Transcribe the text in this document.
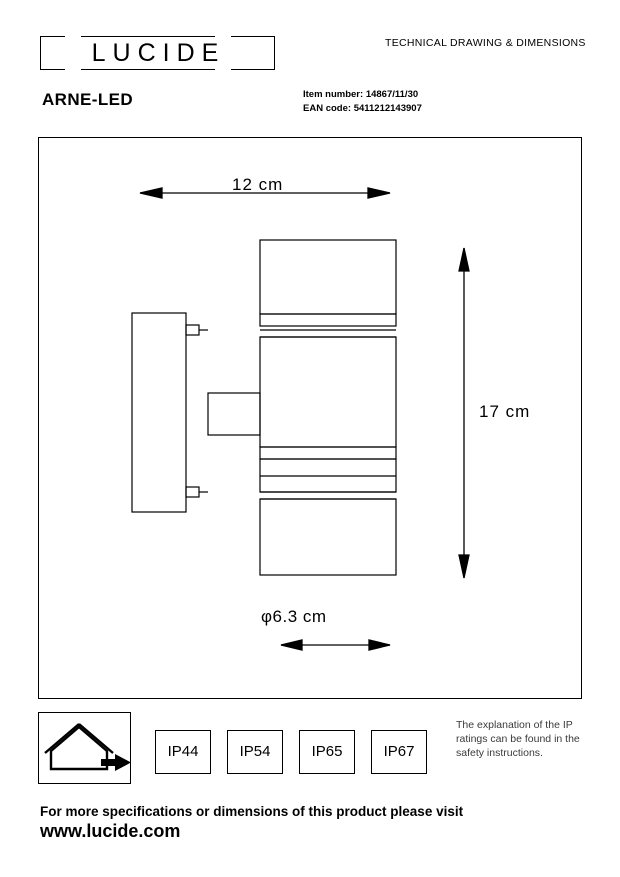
LUCIDE	TECHNICAL DRAWING & DIMENSIONS
ARNE-LED	Item number: 14867/11/30
EAN code: 5411212143907
12 cm
17 cm
φ6.3 cm
IP44	IP54	IP65	IP67
The explanation of the IP ratings can be found in the safety instructions.
For more specifications or dimensions of this product please visit
www.lucide.com
